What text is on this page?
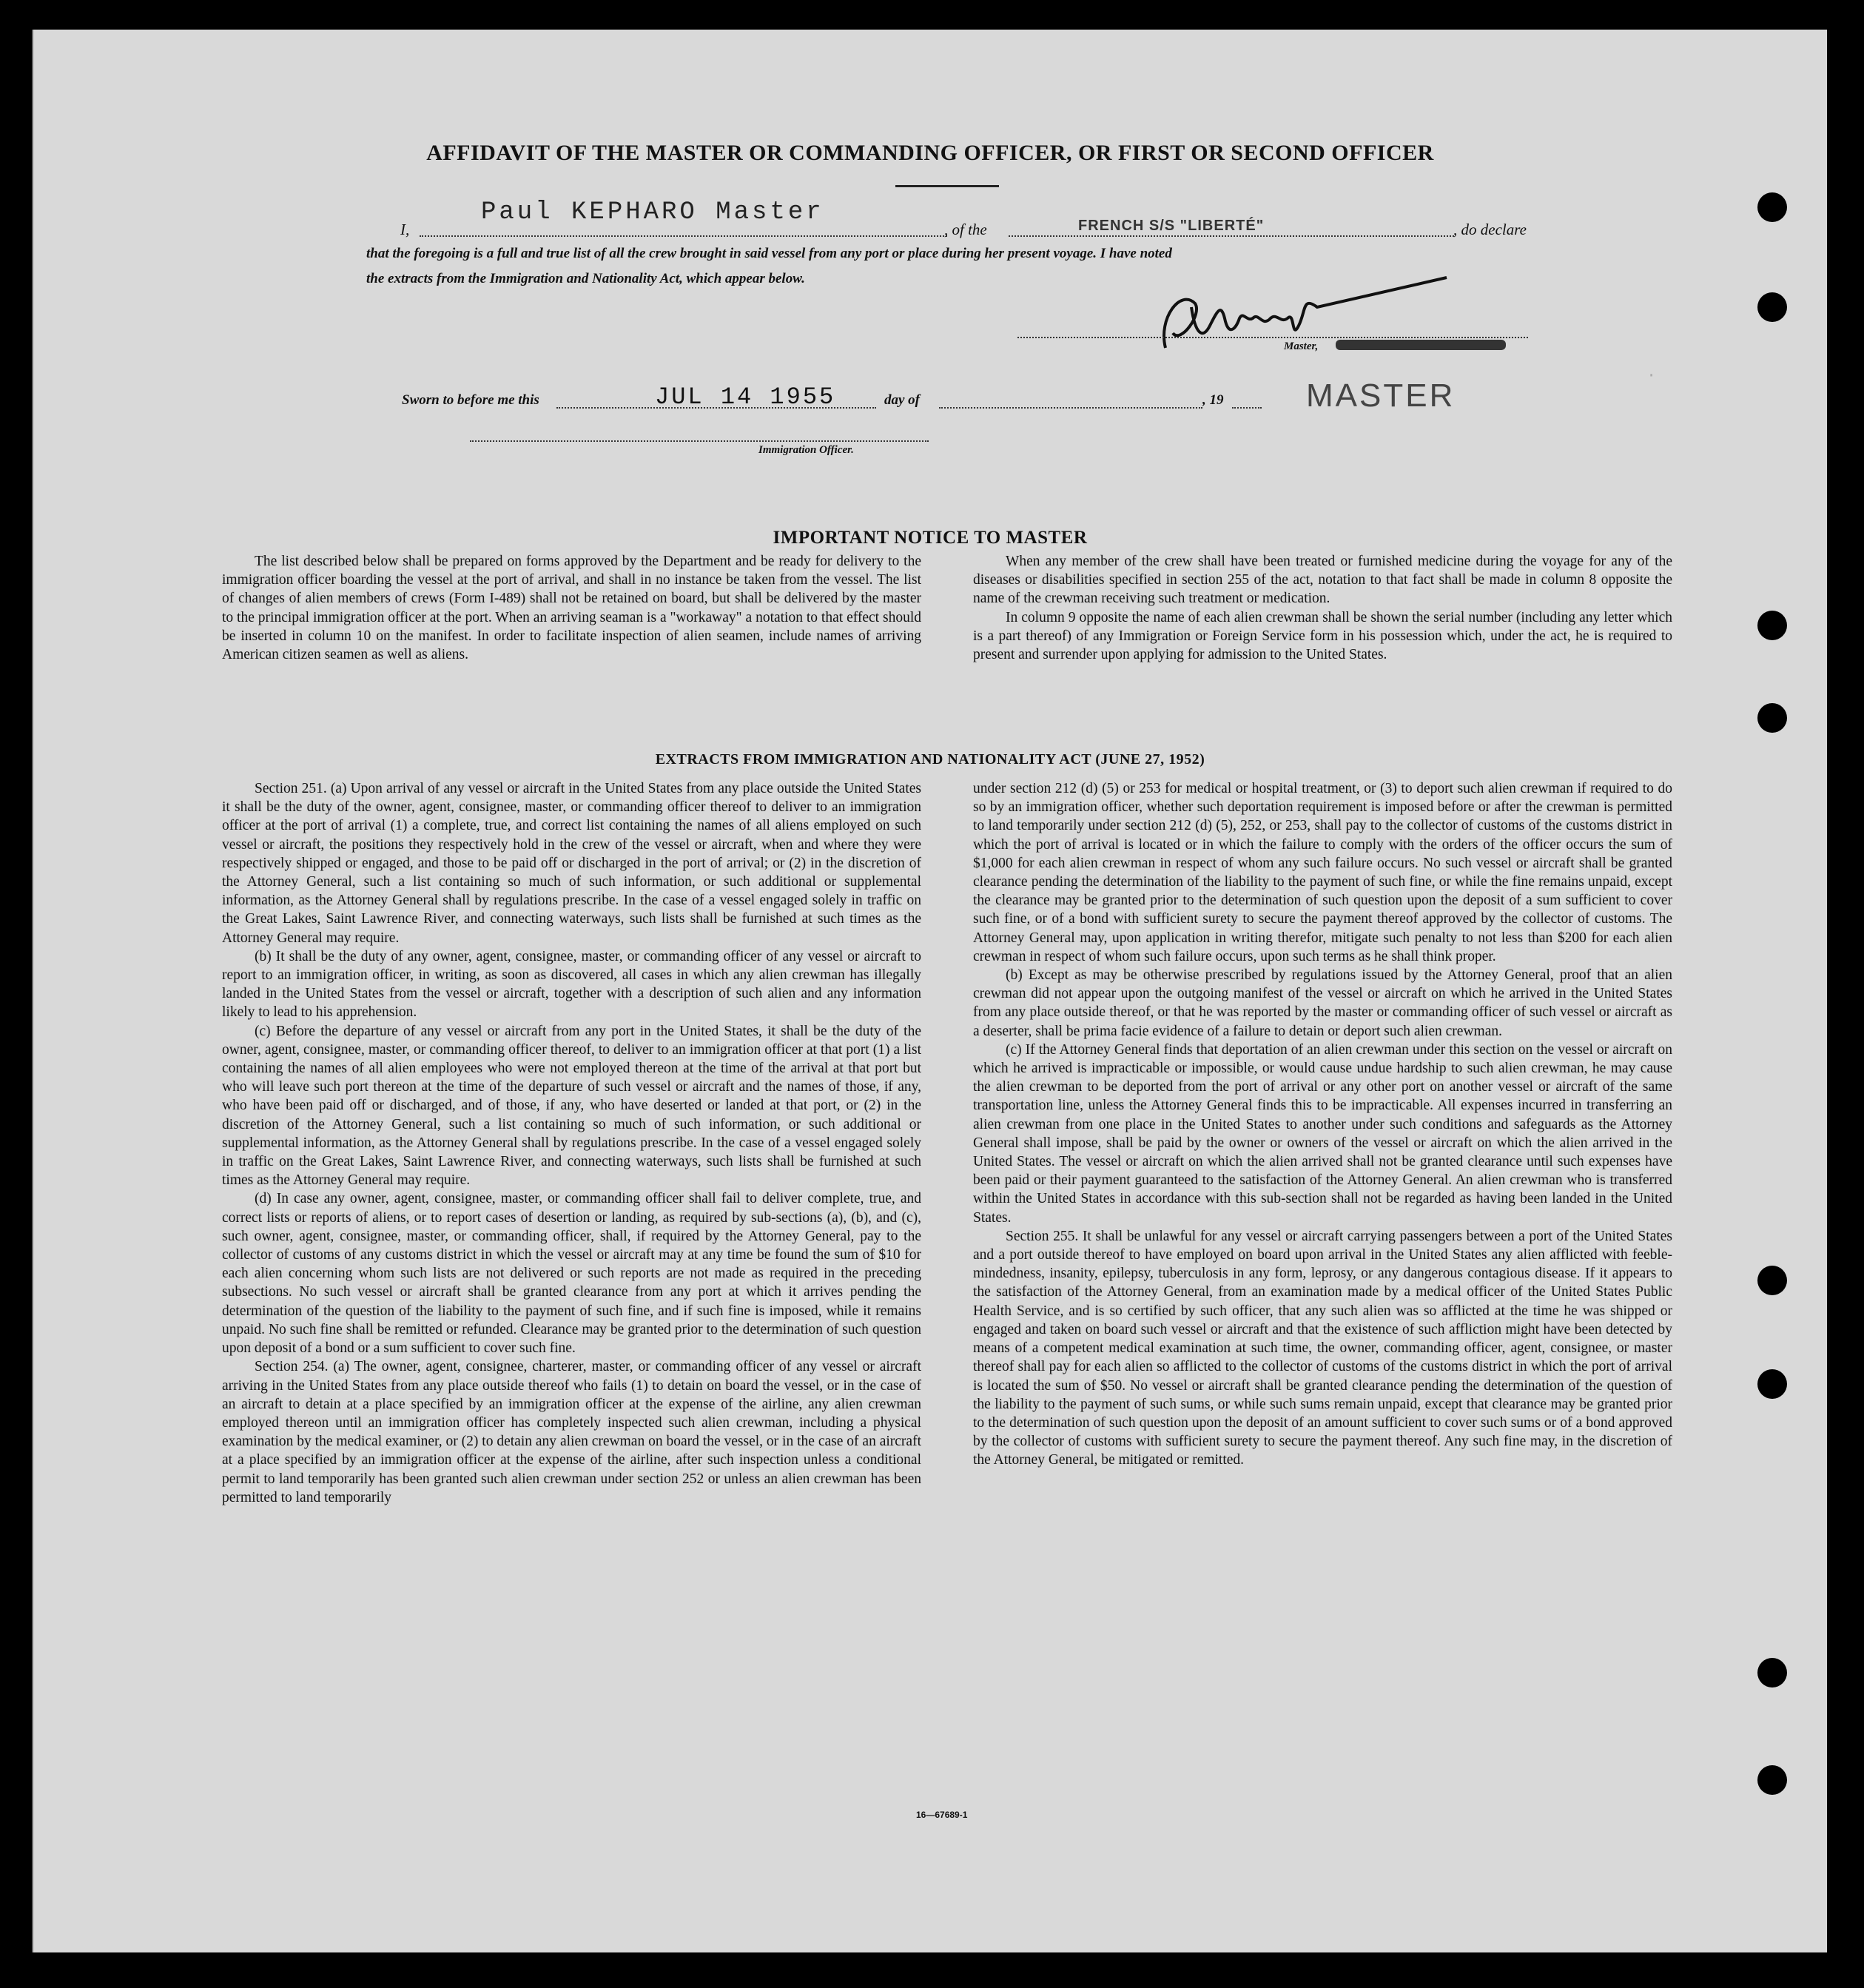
·
AFFIDAVIT OF THE MASTER OR COMMANDING OFFICER, OR FIRST OR SECOND OFFICER
Paul KEPHARO Master
I,	, of the	FRENCH S/S "LIBERTÉ"	, do declare
that the foregoing is a full and true list of all the crew brought in said vessel from any port or place during her present voyage. I have noted
the extracts from the Immigration and Nationality Act, which appear below.
Master,
MASTER
Sworn to before me this	JUL 14 1955	day of	, 19
Immigration Officer.
IMPORTANT NOTICE TO MASTER

The list described below shall be prepared on forms approved by the Department and be ready for delivery to the immigration officer boarding the vessel at the port of arrival, and shall in no instance be taken from the vessel. The list of changes of alien members of crews (Form I-489) shall not be retained on board, but shall be delivered by the master to the principal immigration officer at the port. When an arriving seaman is a "workaway" a notation to that effect should be inserted in column 10 on the manifest. In order to facilitate inspection of alien seamen, include names of arriving American citizen seamen as well as aliens.

When any member of the crew shall have been treated or furnished medicine during the voyage for any of the diseases or disabilities specified in section 255 of the act, notation to that fact shall be made in column 8 opposite the name of the crewman receiving such treatment or medication.

In column 9 opposite the name of each alien crewman shall be shown the serial number (including any letter which is a part thereof) of any Immigration or Foreign Service form in his possession which, under the act, he is required to present and surrender upon applying for admission to the United States.

EXTRACTS FROM IMMIGRATION AND NATIONALITY ACT (JUNE 27, 1952)

Section 251. (a) Upon arrival of any vessel or aircraft in the United States from any place outside the United States it shall be the duty of the owner, agent, consignee, master, or commanding officer thereof to deliver to an immigration officer at the port of arrival (1) a complete, true, and correct list containing the names of all aliens employed on such vessel or aircraft, the positions they respectively hold in the crew of the vessel or aircraft, when and where they were respectively shipped or engaged, and those to be paid off or discharged in the port of arrival; or (2) in the discretion of the Attorney General, such a list containing so much of such information, or such additional or supplemental information, as the Attorney General shall by regulations prescribe. In the case of a vessel engaged solely in traffic on the Great Lakes, Saint Lawrence River, and connecting waterways, such lists shall be furnished at such times as the Attorney General may require.

(b) It shall be the duty of any owner, agent, consignee, master, or commanding officer of any vessel or aircraft to report to an immigration officer, in writing, as soon as discovered, all cases in which any alien crewman has illegally landed in the United States from the vessel or aircraft, together with a description of such alien and any information likely to lead to his apprehension.

(c) Before the departure of any vessel or aircraft from any port in the United States, it shall be the duty of the owner, agent, consignee, master, or commanding officer thereof, to deliver to an immigration officer at that port (1) a list containing the names of all alien employees who were not employed thereon at the time of the arrival at that port but who will leave such port thereon at the time of the departure of such vessel or aircraft and the names of those, if any, who have been paid off or discharged, and of those, if any, who have deserted or landed at that port, or (2) in the discretion of the Attorney General, such a list containing so much of such information, or such additional or supplemental information, as the Attorney General shall by regulations prescribe. In the case of a vessel engaged solely in traffic on the Great Lakes, Saint Lawrence River, and connecting waterways, such lists shall be furnished at such times as the Attorney General may require.

(d) In case any owner, agent, consignee, master, or commanding officer shall fail to deliver complete, true, and correct lists or reports of aliens, or to report cases of desertion or landing, as required by sub-sections (a), (b), and (c), such owner, agent, consignee, master, or commanding officer, shall, if required by the Attorney General, pay to the collector of customs of any customs district in which the vessel or aircraft may at any time be found the sum of $10 for each alien concerning whom such lists are not delivered or such reports are not made as required in the preceding subsections. No such vessel or aircraft shall be granted clearance from any port at which it arrives pending the determination of the question of the liability to the payment of such fine, and if such fine is imposed, while it remains unpaid. No such fine shall be remitted or refunded. Clearance may be granted prior to the determination of such question upon deposit of a bond or a sum sufficient to cover such fine.

Section 254. (a) The owner, agent, consignee, charterer, master, or commanding officer of any vessel or aircraft arriving in the United States from any place outside thereof who fails (1) to detain on board the vessel, or in the case of an aircraft to detain at a place specified by an immigration officer at the expense of the airline, any alien crewman employed thereon until an immigration officer has completely inspected such alien crewman, including a physical examination by the medical examiner, or (2) to detain any alien crewman on board the vessel, or in the case of an aircraft at a place specified by an immigration officer at the expense of the airline, after such inspection unless a conditional permit to land temporarily has been granted such alien crewman under section 252 or unless an alien crewman has been permitted to land temporarily

under section 212 (d) (5) or 253 for medical or hospital treatment, or (3) to deport such alien crewman if required to do so by an immigration officer, whether such deportation requirement is imposed before or after the crewman is permitted to land temporarily under section 212 (d) (5), 252, or 253, shall pay to the collector of customs of the customs district in which the port of arrival is located or in which the failure to comply with the orders of the officer occurs the sum of $1,000 for each alien crewman in respect of whom any such failure occurs. No such vessel or aircraft shall be granted clearance pending the determination of the liability to the payment of such fine, or while the fine remains unpaid, except the clearance may be granted prior to the determination of such question upon the deposit of a sum sufficient to cover such fine, or of a bond with sufficient surety to secure the payment thereof approved by the collector of customs. The Attorney General may, upon application in writing therefor, mitigate such penalty to not less than $200 for each alien crewman in respect of whom such failure occurs, upon such terms as he shall think proper.

(b) Except as may be otherwise prescribed by regulations issued by the Attorney General, proof that an alien crewman did not appear upon the outgoing manifest of the vessel or aircraft on which he arrived in the United States from any place outside thereof, or that he was reported by the master or commanding officer of such vessel or aircraft as a deserter, shall be prima facie evidence of a failure to detain or deport such alien crewman.

(c) If the Attorney General finds that deportation of an alien crewman under this section on the vessel or aircraft on which he arrived is impracticable or impossible, or would cause undue hardship to such alien crewman, he may cause the alien crewman to be deported from the port of arrival or any other port on another vessel or aircraft of the same transportation line, unless the Attorney General finds this to be impracticable. All expenses incurred in transferring an alien crewman from one place in the United States to another under such conditions and safeguards as the Attorney General shall impose, shall be paid by the owner or owners of the vessel or aircraft on which the alien arrived in the United States. The vessel or aircraft on which the alien arrived shall not be granted clearance until such expenses have been paid or their payment guaranteed to the satisfaction of the Attorney General. An alien crewman who is transferred within the United States in accordance with this sub-section shall not be regarded as having been landed in the United States.

Section 255. It shall be unlawful for any vessel or aircraft carrying passengers between a port of the United States and a port outside thereof to have employed on board upon arrival in the United States any alien afflicted with feeble-mindedness, insanity, epilepsy, tuberculosis in any form, leprosy, or any dangerous contagious disease. If it appears to the satisfaction of the Attorney General, from an examination made by a medical officer of the United States Public Health Service, and is so certified by such officer, that any such alien was so afflicted at the time he was shipped or engaged and taken on board such vessel or aircraft and that the existence of such affliction might have been detected by means of a competent medical examination at such time, the owner, commanding officer, agent, consignee, or master thereof shall pay for each alien so afflicted to the collector of customs of the customs district in which the port of arrival is located the sum of $50. No vessel or aircraft shall be granted clearance pending the determination of the question of the liability to the payment of such sums, or while such sums remain unpaid, except that clearance may be granted prior to the determination of such question upon the deposit of an amount sufficient to cover such sums or of a bond approved by the collector of customs with sufficient surety to secure the payment thereof. Any such fine may, in the discretion of the Attorney General, be mitigated or remitted.

16—67689-1
